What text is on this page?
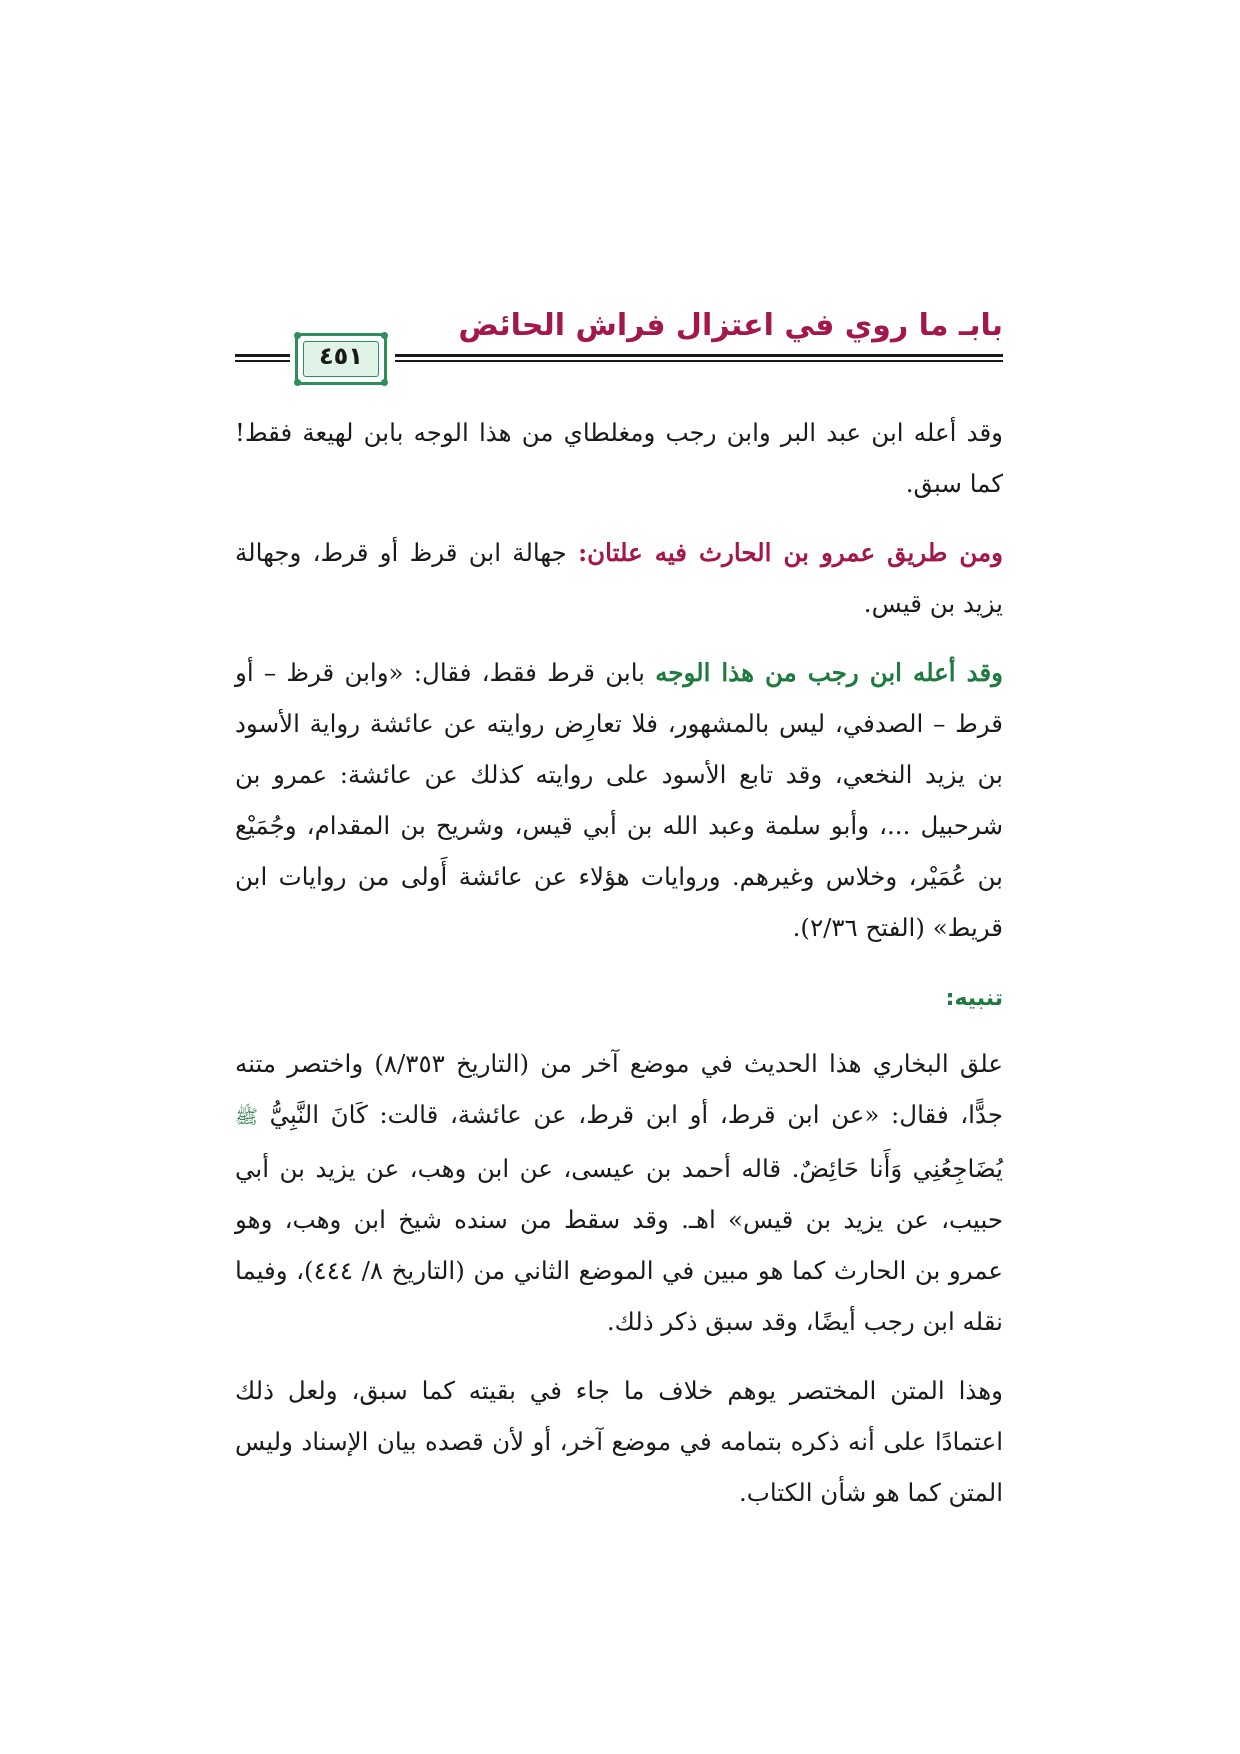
بابـ ما روي في اعتزال فراش الحائض
٤٥١

وقد أعله ابن عبد البر وابن رجب ومغلطاي من هذا الوجه بابن لهيعة فقط! كما سبق.

ومن طريق عمرو بن الحارث فيه علتان: جهالة ابن قرظ أو قرط، وجهالة يزيد بن قيس.

وقد أعله ابن رجب من هذا الوجه بابن قرط فقط، فقال: «وابن قرظ – أو قرط – الصدفي، ليس بالمشهور، فلا تعارِض روايته عن عائشة رواية الأسود بن يزيد النخعي، وقد تابع الأسود على روايته كذلك عن عائشة: عمرو بن شرحبيل ...، وأبو سلمة وعبد الله بن أبي قيس، وشريح بن المقدام، وجُمَيْع بن عُمَيْر، وخلاس وغيرهم. وروايات هؤلاء عن عائشة أَولى من روايات ابن قريط» (الفتح ٢/٣٦).

تنبيه:

علق البخاري هذا الحديث في موضع آخر من (التاريخ ٨/٣٥٣) واختصر متنه جدًّا، فقال: «عن ابن قرط، أو ابن قرط، عن عائشة، قالت: كَانَ النَّبِيُّ ﷺ يُضَاجِعُنِي وَأَنا حَائِضٌ. قاله أحمد بن عيسى، عن ابن وهب، عن يزيد بن أبي حبيب، عن يزيد بن قيس» اهـ. وقد سقط من سنده شيخ ابن وهب، وهو عمرو بن الحارث كما هو مبين في الموضع الثاني من (التاريخ ٨/ ٤٤٤)، وفيما نقله ابن رجب أيضًا، وقد سبق ذكر ذلك.

وهذا المتن المختصر يوهم خلاف ما جاء في بقيته كما سبق، ولعل ذلك اعتمادًا على أنه ذكره بتمامه في موضع آخر، أو لأن قصده بيان الإسناد وليس المتن كما هو شأن الكتاب.
